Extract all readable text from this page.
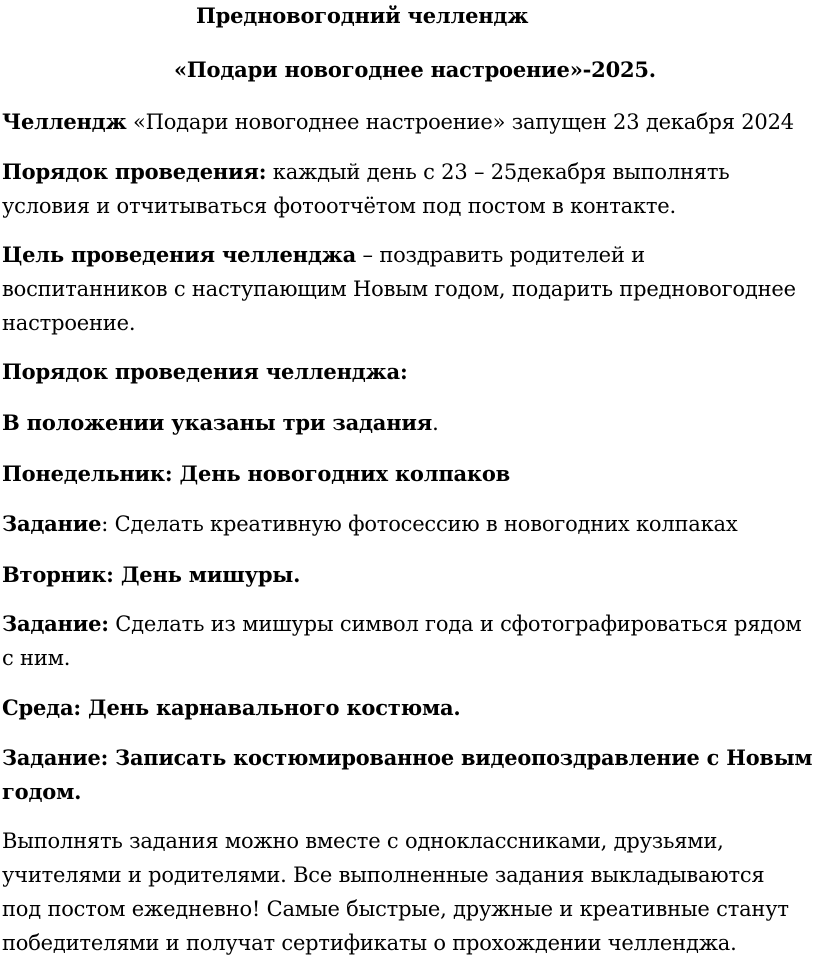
Предновогодний челлендж
«Подари новогоднее настроение»-2025.
Челлендж «Подари новогоднее настроение» запущен 23 декабря 2024
Порядок проведения: каждый день с 23 – 25декабря выполнять
условия и отчитываться фотоотчётом под постом в контакте.
Цель проведения челленджа – поздравить родителей и
воспитанников с наступающим Новым годом, подарить предновогоднее
настроение.
Порядок проведения челленджа:
В положении указаны три задания.
Понедельник: День новогодних колпаков
Задание: Сделать креативную фотосессию в новогодних колпаках
Вторник: День мишуры.
Задание: Сделать из мишуры символ года и сфотографироваться рядом
с ним.
Среда: День карнавального костюма.
Задание: Записать костюмированное видеопоздравление с Новым
годом.
Выполнять задания можно вместе с одноклассниками, друзьями,
учителями и родителями. Все выполненные задания выкладываются
под постом ежедневно! Самые быстрые, дружные и креативные станут
победителями и получат сертификаты о прохождении челленджа.
